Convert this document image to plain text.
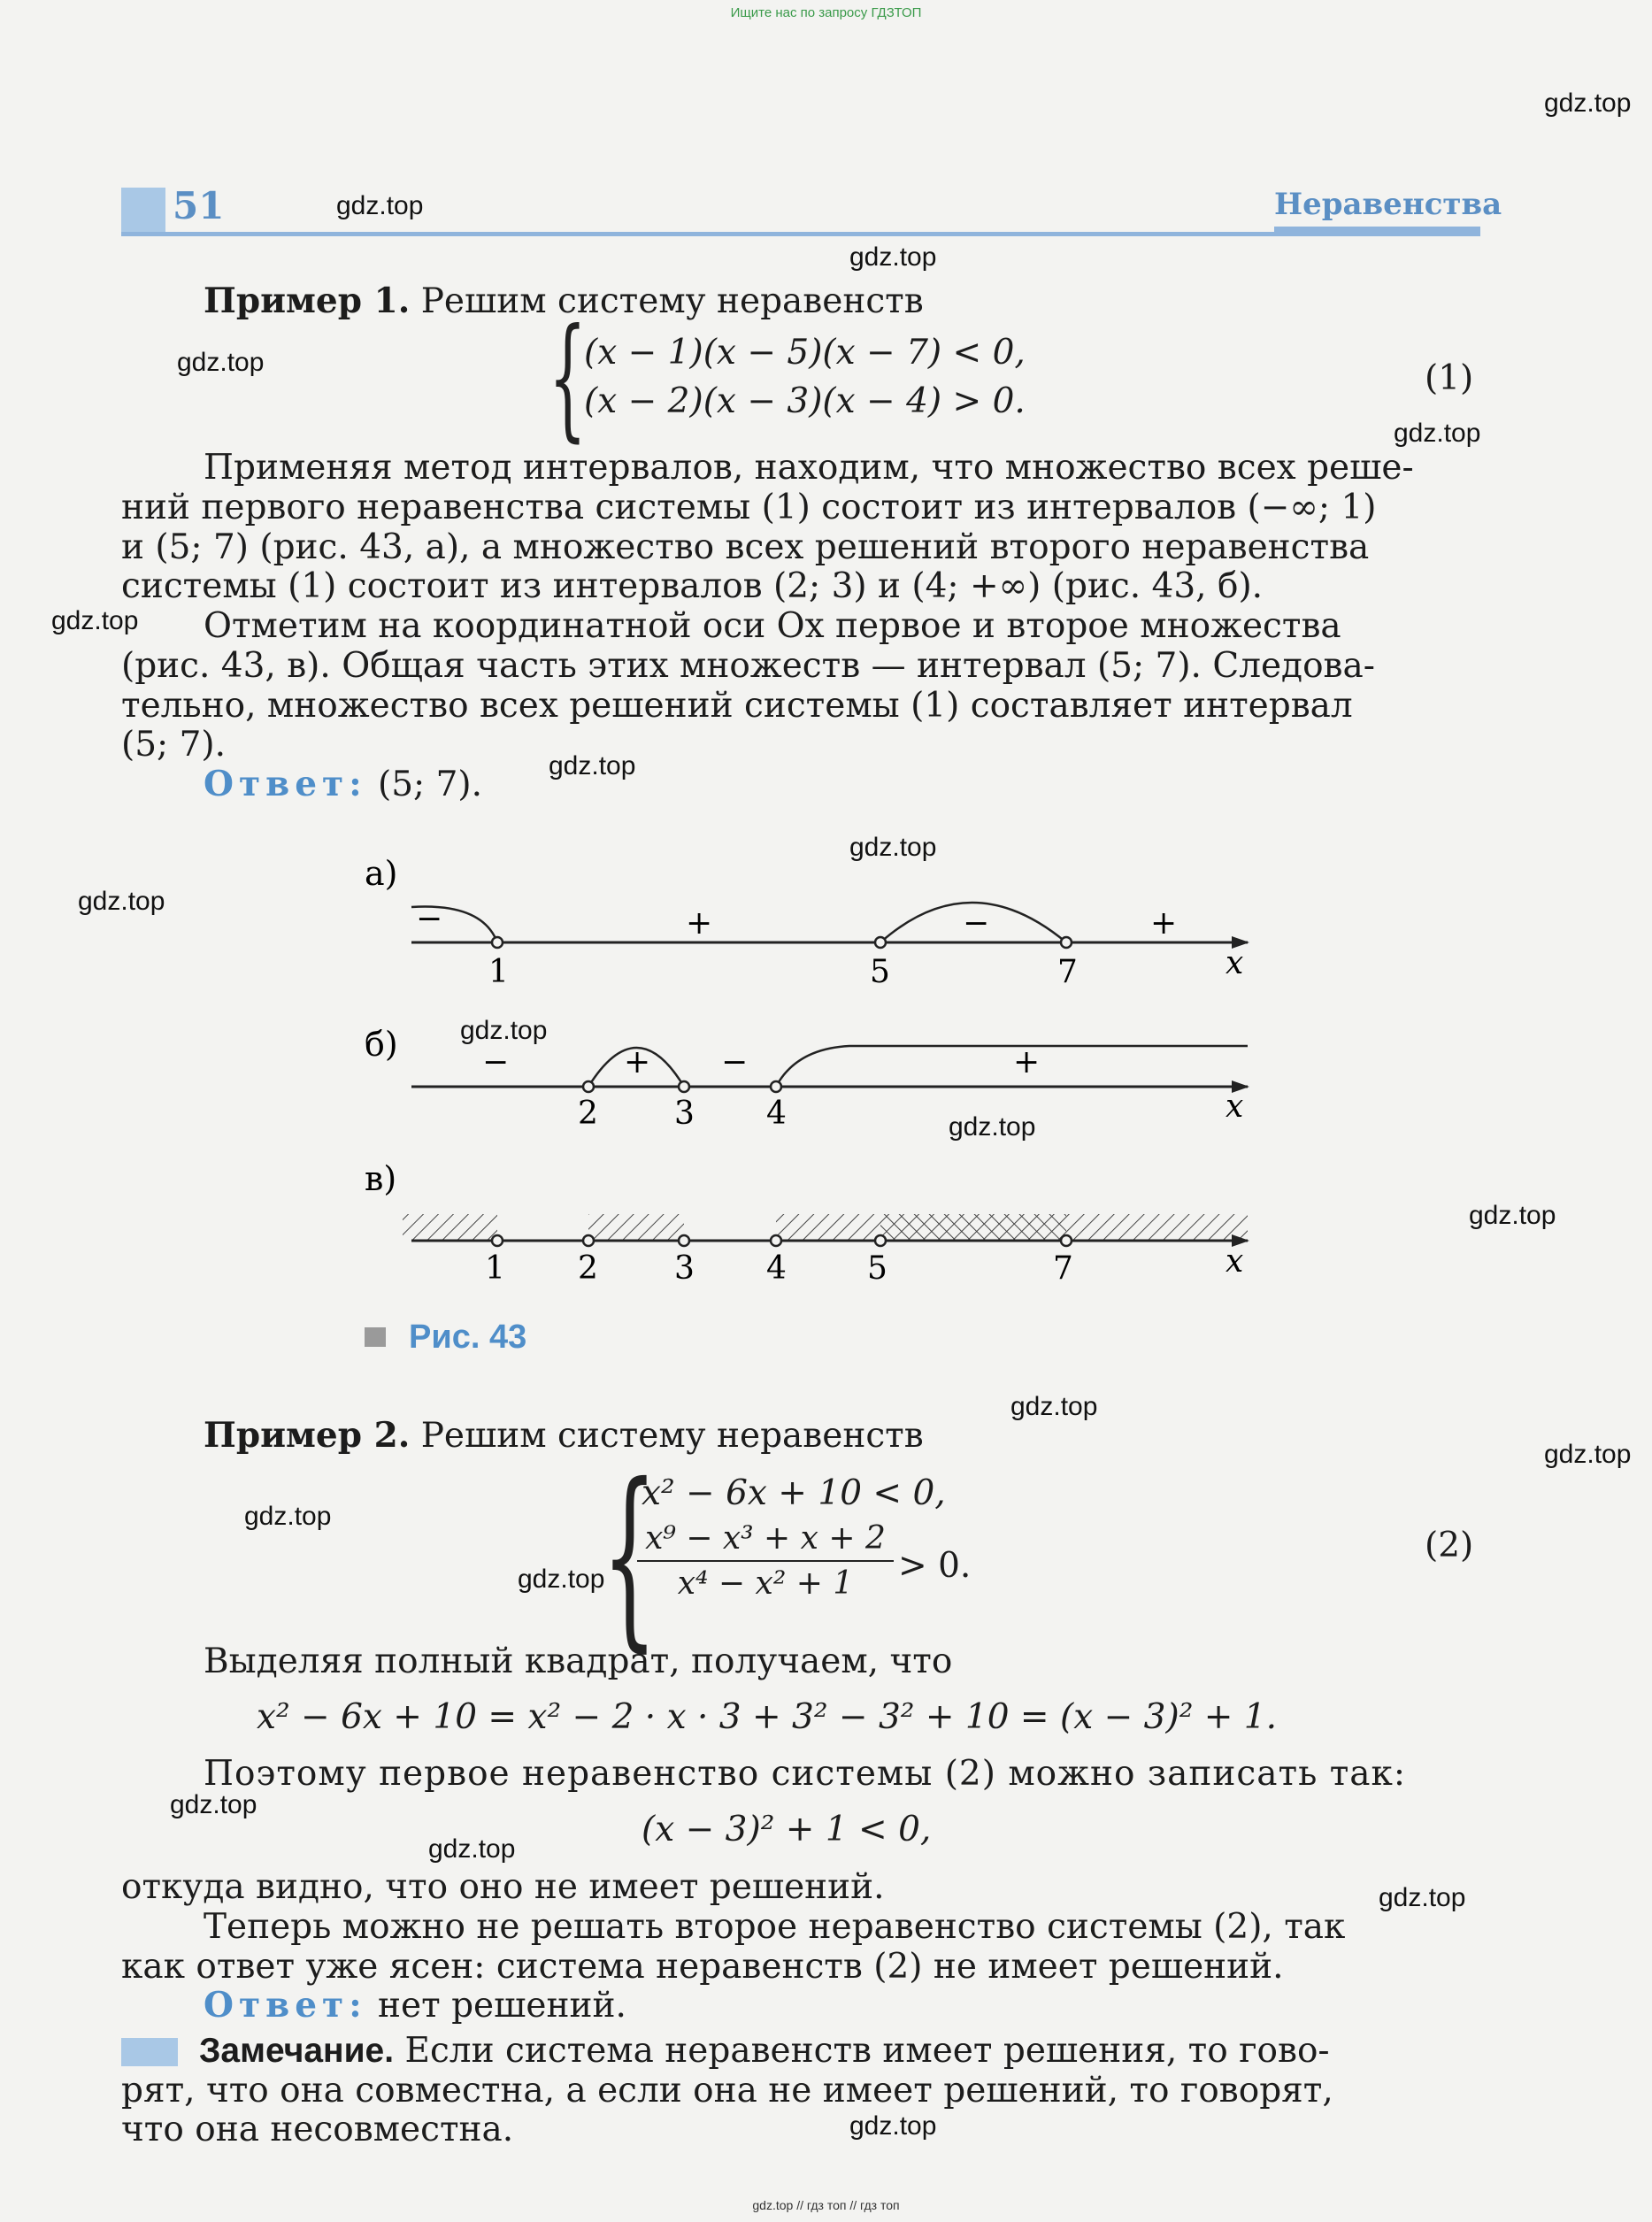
Ищите нас по запросу ГДЗТОП
gdz.top // гдз топ // гдз топ
51	Неравенства
gdz.top
gdz.top
gdz.top
gdz.top
gdz.top
gdz.top
gdz.top
gdz.top
gdz.top
gdz.top
gdz.top
gdz.top
gdz.top
gdz.top
gdz.top
gdz.top
gdz.top
gdz.top
gdz.top
gdz.top
Пример 1. Решим систему неравенств
{
(x − 1)(x − 5)(x − 7) < 0,
(x − 2)(x − 3)(x − 4) > 0.
(1)
Применяя метод интервалов, находим, что множество всех реше-
ний первого неравенства системы (1) состоит из интервалов (−∞; 1)
и (5; 7) (рис. 43, а), а множество всех решений второго неравенства
системы (1) состоит из интервалов (2; 3) и (4; +∞) (рис. 43, б).
Отметим на координатной оси Ox первое и второе множества
(рис. 43, в). Общая часть этих множеств — интервал (5; 7). Следова-
тельно, множество всех решений системы (1) составляет интервал
(5; 7).
Ответ: (5; 7).
а)
б)
в)
−	+	−	+
1	5	7	x
−	+ −	+
2 3 4	x
1 2 3 4	5	7	x
Рис. 43
Пример 2. Решим систему неравенств
{
x² − 6x + 10 < 0,
$\frac{\text{x⁹ − x³ + x + 2}}{\text{x⁴ − x² + 1}} > 0$.
(2)
Выделяя полный квадрат, получаем, что
x² − 6x + 10 = x² − 2 · x · 3 + 3² − 3² + 10 = (x − 3)² + 1.
Поэтому первое неравенство системы (2) можно записать так:
(x − 3)² + 1 < 0,
откуда видно, что оно не имеет решений.
Теперь можно не решать второе неравенство системы (2), так
как ответ уже ясен: система неравенств (2) не имеет решений.
Ответ: нет решений.
Замечание. Если система неравенств имеет решения, то гово-
рят, что она совместна, а если она не имеет решений, то говорят,
что она несовместна.
